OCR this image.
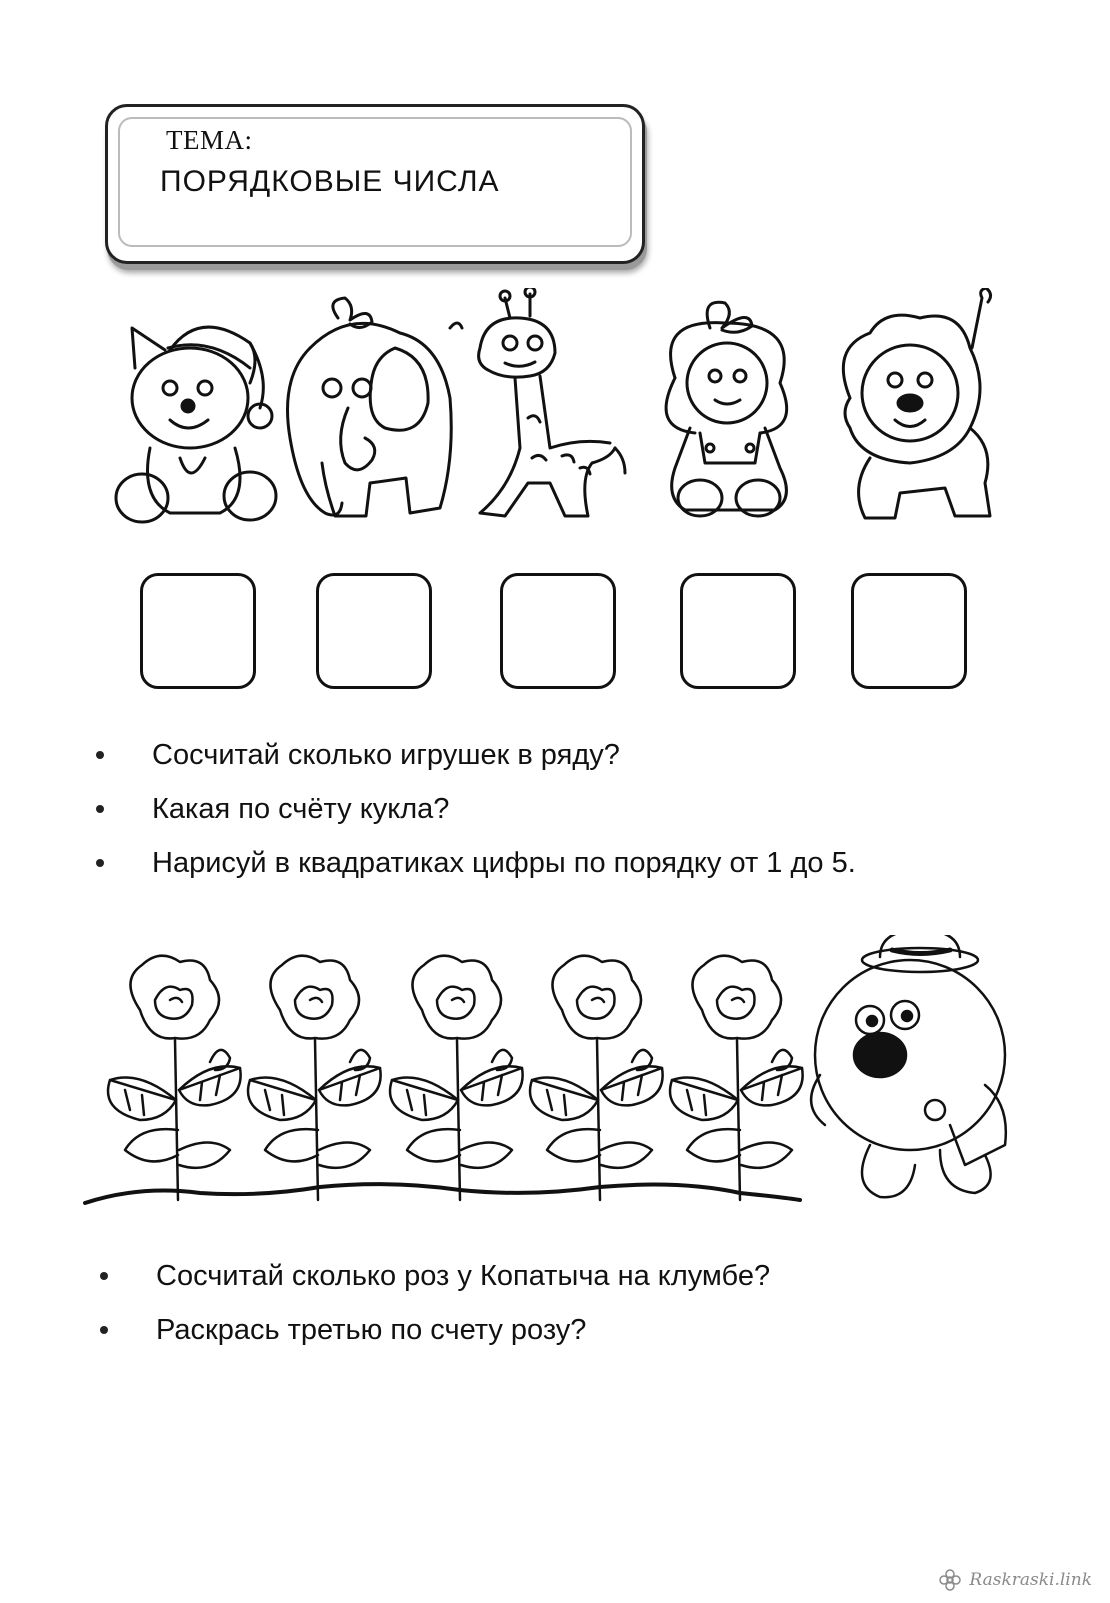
ТЕМА:
ПОРЯДКОВЫЕ ЧИСЛА
Сосчитай сколько игрушек в ряду?
Какая по счёту кукла?
Нарисуй в квадратиках цифры по порядку от 1 до 5.
Сосчитай сколько роз у Копатыча на клумбе?
Раскрась третью по счету розу?
Raskraski.link
